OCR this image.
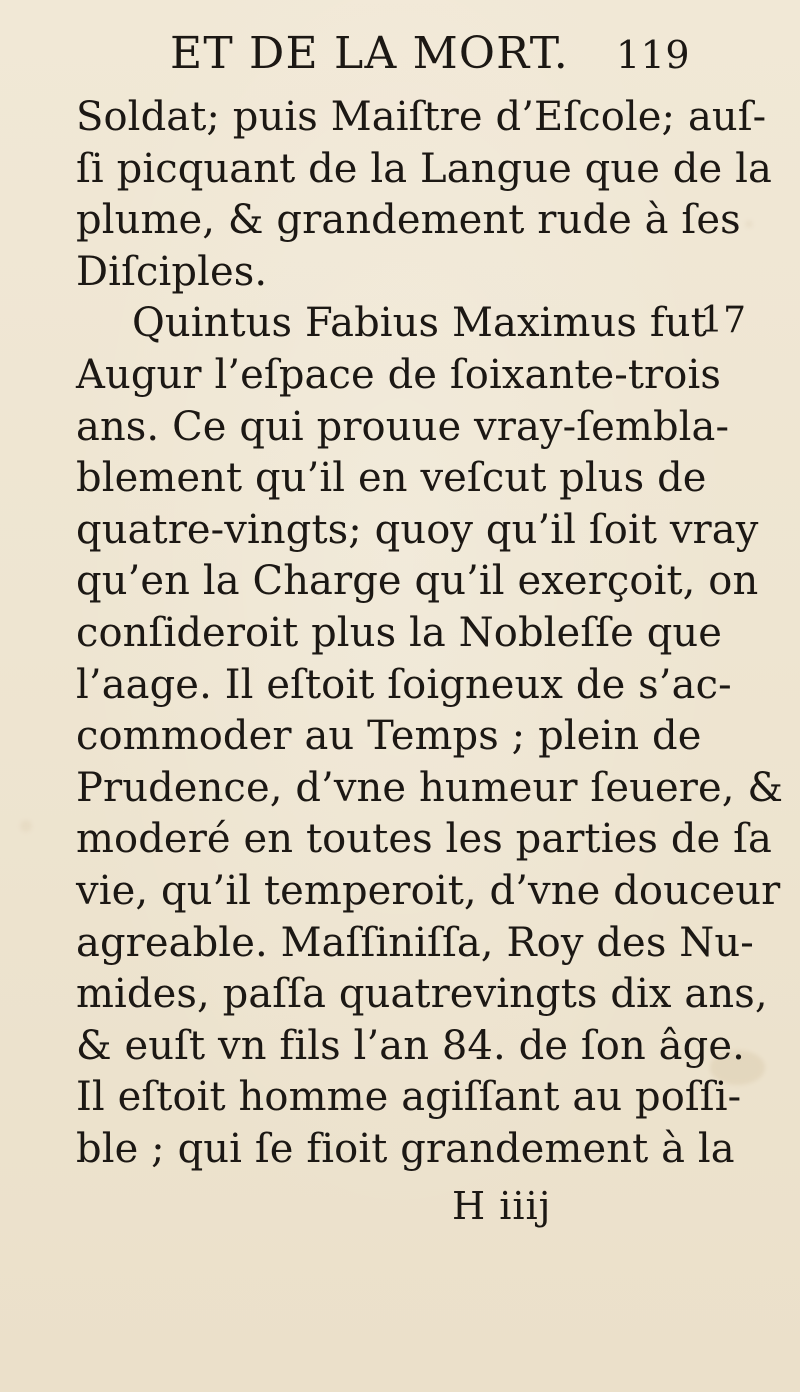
ET DE LA MORT. 119
17
Soldat; puis Maiſtre d’Eſcole; auſ-
ſi picquant de la Langue que de la
plume, & grandement rude à ſes
Diſciples.
Quintus Fabius Maximus fut
Augur l’eſpace de ſoixante-trois
ans. Ce qui prouue vray-ſembla-
blement qu’il en veſcut plus de
quatre-vingts; quoy qu’il ſoit vray
qu’en la Charge qu’il exerçoit, on
conſideroit plus la Nobleſſe que
l’aage. Il eſtoit ſoigneux de s’ac-
commoder au Temps ; plein de
Prudence, d’vne humeur ſeuere, &
moderé en toutes les parties de ſa
vie, qu’il temperoit, d’vne douceur
agreable. Maſſiniſſa, Roy des Nu-
mides, paſſa quatrevingts dix ans,
& euſt vn fils l’an 84. de ſon âge.
Il eſtoit homme agiſſant au poſſi-
ble ; qui ſe fioit grandement à la
H iiij
